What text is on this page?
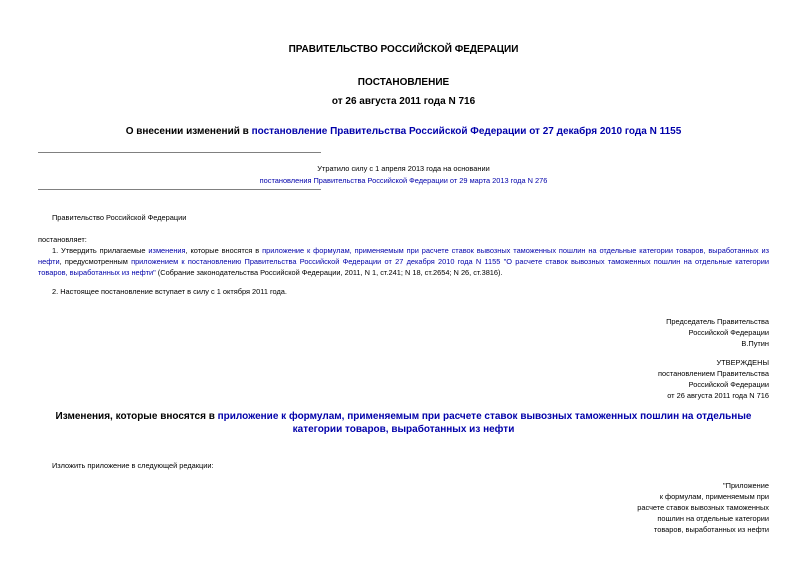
ПРАВИТЕЛЬСТВО РОССИЙСКОЙ ФЕДЕРАЦИИ
ПОСТАНОВЛЕНИЕ
от 26 августа 2011 года N 716
О внесении изменений в постановление Правительства Российской Федерации от 27 декабря 2010 года N 1155
Утратило силу с 1 апреля 2013 года на основании
постановления Правительства Российской Федерации от 29 марта 2013 года N 276
Правительство Российской Федерации
постановляет:
1. Утвердить прилагаемые изменения, которые вносятся в приложение к формулам, применяемым при расчете ставок вывозных таможенных пошлин на отдельные категории товаров, выработанных из нефти, предусмотренным приложением к постановлению Правительства Российской Федерации от 27 декабря 2010 года N 1155 "О расчете ставок вывозных таможенных пошлин на отдельные категории товаров, выработанных из нефти" (Собрание законодательства Российской Федерации, 2011, N 1, ст.241; N 18, ст.2654; N 26, ст.3816).
2. Настоящее постановление вступает в силу с 1 октября 2011 года.
Председатель Правительства
Российской Федерации
В.Путин
УТВЕРЖДЕНЫ
постановлением Правительства
Российской Федерации
от 26 августа 2011 года N 716
Изменения, которые вносятся в приложение к формулам, применяемым при расчете ставок вывозных таможенных пошлин на отдельные категории товаров, выработанных из нефти
Изложить приложение в следующей редакции:
"Приложение
к формулам, применяемым при
расчете ставок вывозных таможенных
пошлин на отдельные категории
товаров, выработанных из нефти
